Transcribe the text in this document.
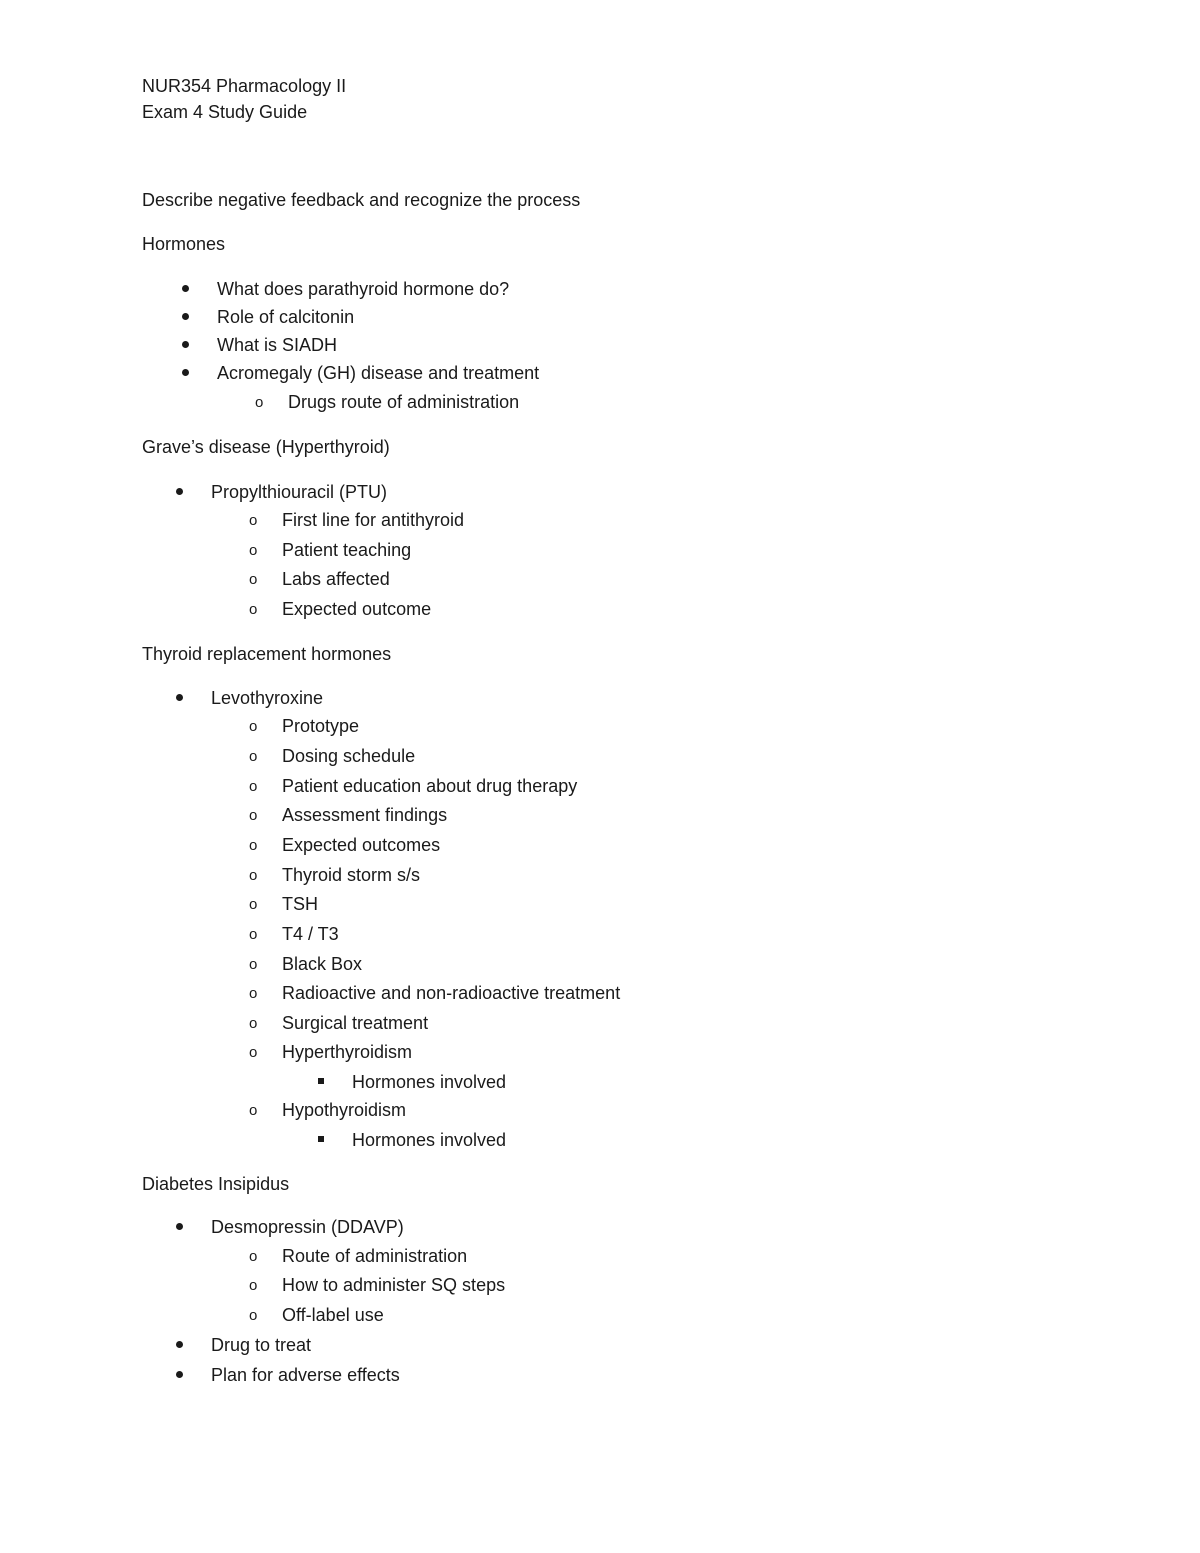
NUR354 Pharmacology II
Exam 4 Study Guide
Describe negative feedback and recognize the process
Hormones
What does parathyroid hormone do?
Role of calcitonin
What is SIADH
Acromegaly (GH) disease and treatment
o Drugs route of administration
Grave’s disease (Hyperthyroid)
Propylthiouracil (PTU)
o First line for antithyroid
o Patient teaching
o Labs affected
o Expected outcome
Thyroid replacement hormones
Levothyroxine
o Prototype
o Dosing schedule
o Patient education about drug therapy
o Assessment findings
o Expected outcomes
o Thyroid storm s/s
o TSH
o T4 / T3
o Black Box
o Radioactive and non-radioactive treatment
o Surgical treatment
o Hyperthyroidism
Hormones involved
o Hypothyroidism
Hormones involved
Diabetes Insipidus
Desmopressin (DDAVP)
o Route of administration
o How to administer SQ steps
o Off-label use
Drug to treat
Plan for adverse effects
